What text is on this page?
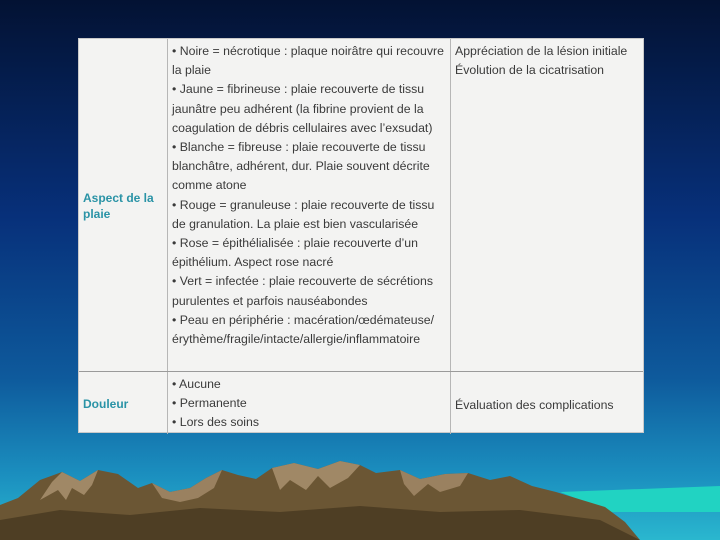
Aspect de la plaie
• Noire = nécrotique : plaque noirâtre qui recouvre la plaie
• Jaune = fibrineuse : plaie recouverte de tissu jaunâtre peu adhérent (la fibrine provient de la coagulation de débris cellulaires avec l’exsudat)
• Blanche = fibreuse : plaie recouverte de tissu blanchâtre, adhérent, dur. Plaie souvent décrite comme atone
• Rouge = granuleuse : plaie recouverte de tissu de granulation. La plaie est bien vascularisée
• Rose = épithélialisée : plaie recouverte d’un épithélium. Aspect rose nacré
• Vert = infectée : plaie recouverte de sécrétions purulentes et parfois nauséabondes
• Peau en périphérie : macération/œdémateuse/ érythème/fragile/intacte/allergie/inflammatoire
Appréciation de la lésion initiale
Évolution de la cicatrisation
Douleur
• Aucune
• Permanente
• Lors des soins
Évaluation des complications
